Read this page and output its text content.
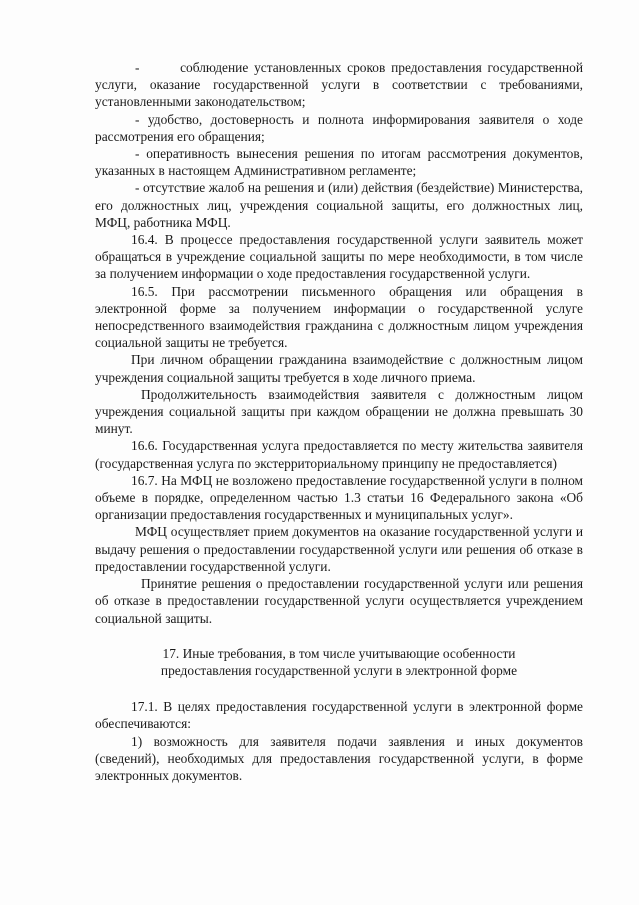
-       соблюдение установленных сроков предоставления государственной услуги, оказание государственной услуги в соответствии с требованиями, установленными законодательством;

- удобство, достоверность и полнота информирования заявителя о ходе рассмотрения его обращения;

- оперативность вынесения решения по итогам рассмотрения документов, указанных в настоящем Административном регламенте;

- отсутствие жалоб на решения и (или) действия (бездействие) Министерства, его должностных лиц, учреждения социальной защиты, его должностных лиц, МФЦ, работника МФЦ.

16.4. В процессе предоставления государственной услуги заявитель может обращаться в учреждение социальной защиты по мере необходимости, в том числе за получением информации о ходе предоставления государственной услуги.

16.5. При рассмотрении письменного обращения или обращения в электронной форме за получением информации о государственной услуге непосредственного взаимодействия гражданина с должностным лицом учреждения социальной защиты не требуется.

При личном обращении гражданина взаимодействие с должностным лицом учреждения социальной защиты требуется в ходе личного приема.

Продолжительность взаимодействия заявителя с должностным лицом учреждения социальной защиты при каждом обращении не должна превышать 30 минут.

16.6. Государственная услуга предоставляется по месту жительства заявителя (государственная услуга по экстерриториальному принципу не предоставляется)

16.7. На МФЦ не возложено предоставление государственной услуги в полном объеме в порядке, определенном частью 1.3 статьи 16 Федерального закона «Об организации предоставления государственных и муниципальных услуг».

МФЦ осуществляет прием документов на оказание государственной услуги и выдачу решения о предоставлении государственной услуги или решения об отказе в предоставлении государственной услуги.

Принятие решения о предоставлении государственной услуги или решения об отказе в предоставлении государственной услуги осуществляется учреждением социальной защиты.

17. Иные требования, в том числе учитывающие особенности

предоставления государственной услуги в электронной форме

17.1. В целях предоставления государственной услуги в электронной форме обеспечиваются:

1) возможность для заявителя подачи заявления и иных документов (сведений), необходимых для предоставления государственной услуги, в форме электронных документов.
